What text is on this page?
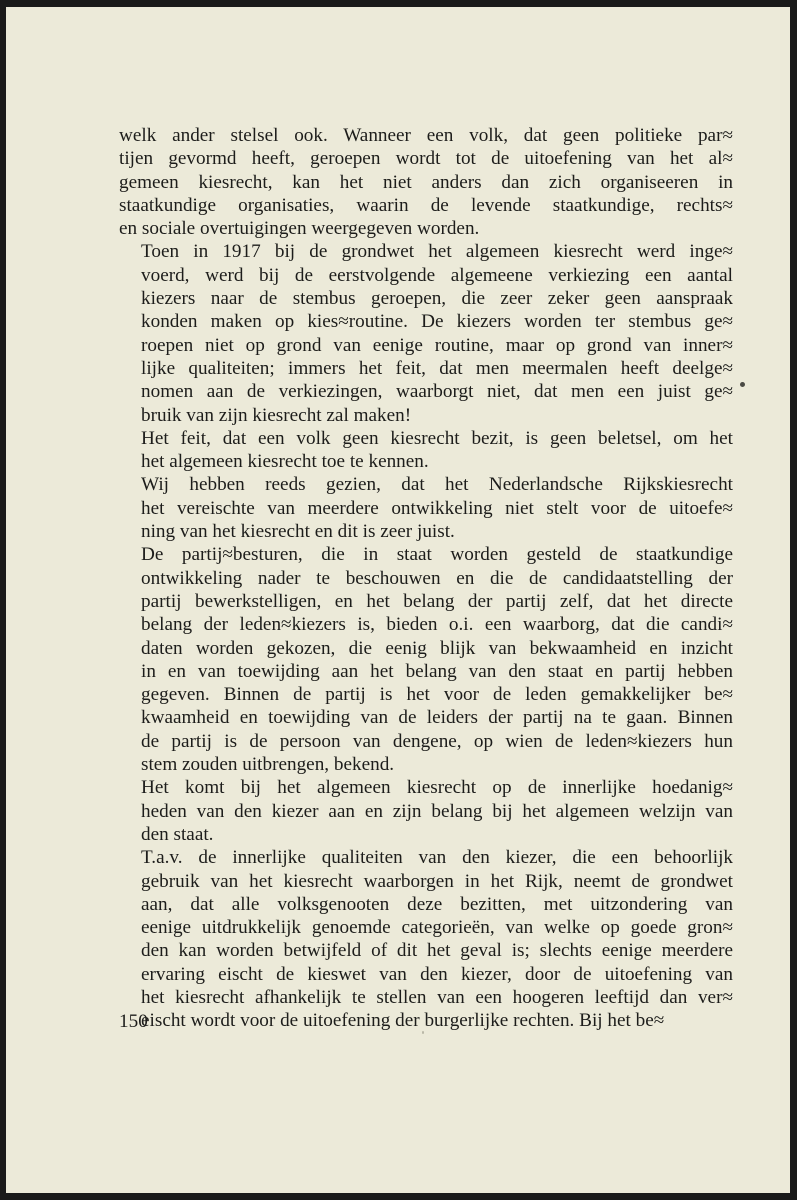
welk ander stelsel ook. Wanneer een volk, dat geen politieke par≈
tijen gevormd heeft, geroepen wordt tot de uitoefening van het al≈
gemeen kiesrecht, kan het niet anders dan zich organiseeren in
staatkundige organisaties, waarin de levende staatkundige, rechts≈
en sociale overtuigingen weergegeven worden.

Toen in 1917 bij de grondwet het algemeen kiesrecht werd inge≈
voerd, werd bij de eerstvolgende algemeene verkiezing een aantal
kiezers naar de stembus geroepen, die zeer zeker geen aanspraak
konden maken op kies≈routine. De kiezers worden ter stembus ge≈
roepen niet op grond van eenige routine, maar op grond van inner≈
lijke qualiteiten; immers het feit, dat men meermalen heeft deelge≈
nomen aan de verkiezingen, waarborgt niet, dat men een juist ge≈
bruik van zijn kiesrecht zal maken!

Het feit, dat een volk geen kiesrecht bezit, is geen beletsel, om het
het algemeen kiesrecht toe te kennen.

Wij hebben reeds gezien, dat het Nederlandsche Rijkskiesrecht
het vereischte van meerdere ontwikkeling niet stelt voor de uitoefe≈
ning van het kiesrecht en dit is zeer juist.

De partij≈besturen, die in staat worden gesteld de staatkundige
ontwikkeling nader te beschouwen en die de candidaatstelling der
partij bewerkstelligen, en het belang der partij zelf, dat het directe
belang der leden≈kiezers is, bieden o.i. een waarborg, dat die candi≈
daten worden gekozen, die eenig blijk van bekwaamheid en inzicht
in en van toewijding aan het belang van den staat en partij hebben
gegeven. Binnen de partij is het voor de leden gemakkelijker be≈
kwaamheid en toewijding van de leiders der partij na te gaan. Binnen
de partij is de persoon van dengene, op wien de leden≈kiezers hun
stem zouden uitbrengen, bekend.

Het komt bij het algemeen kiesrecht op de innerlijke hoedanig≈
heden van den kiezer aan en zijn belang bij het algemeen welzijn van
den staat.

T.a.v. de innerlijke qualiteiten van den kiezer, die een behoorlijk
gebruik van het kiesrecht waarborgen in het Rijk, neemt de grondwet
aan, dat alle volksgenooten deze bezitten, met uitzondering van
eenige uitdrukkelijk genoemde categorieën, van welke op goede gron≈
den kan worden betwijfeld of dit het geval is; slechts eenige meerdere
ervaring eischt de kieswet van den kiezer, door de uitoefening van
het kiesrecht afhankelijk te stellen van een hoogeren leeftijd dan ver≈
eischt wordt voor de uitoefening der burgerlijke rechten. Bij het be≈

150
